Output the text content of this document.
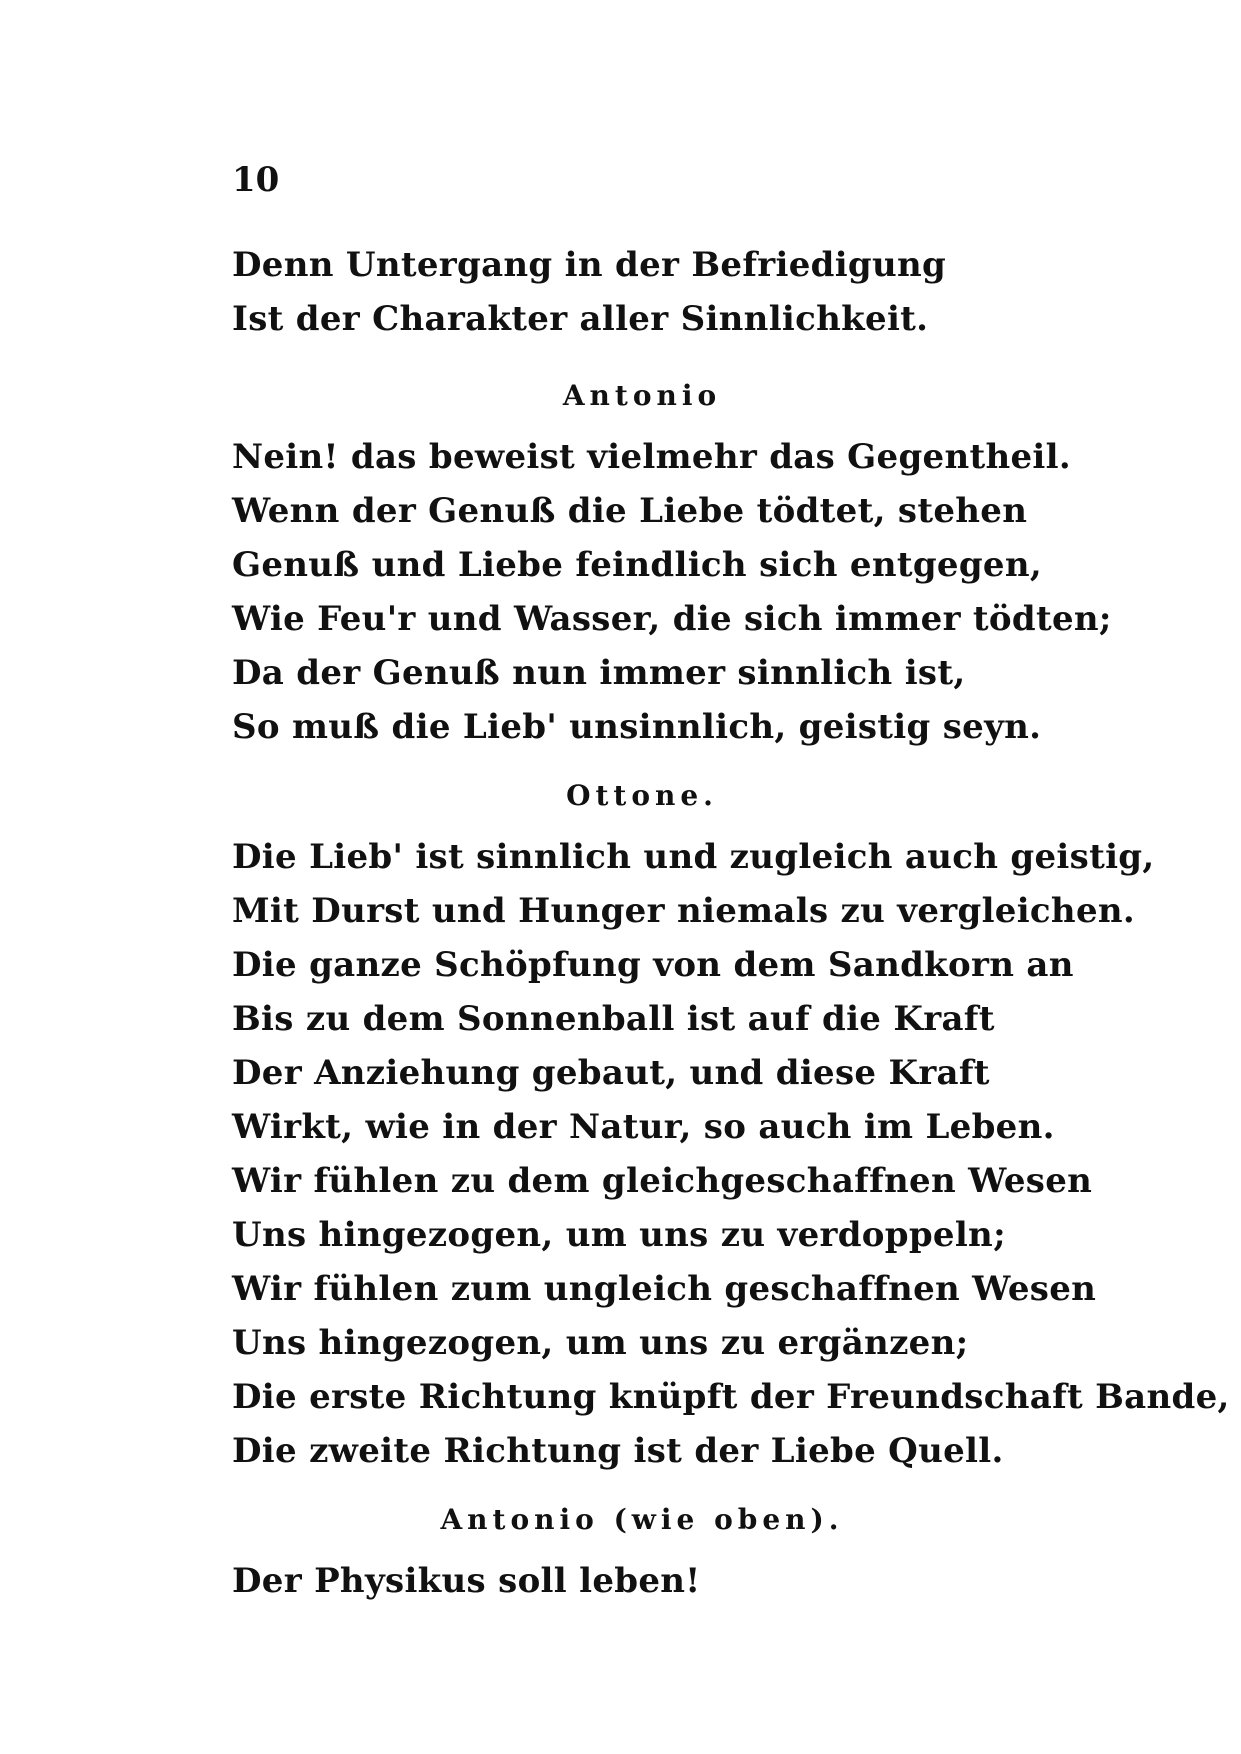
10
Denn Untergang in der Befriedigung
Ist der Charakter aller Sinnlichkeit.
Antonio
Nein! das beweist vielmehr das Gegentheil.
Wenn der Genuß die Liebe tödtet, stehen
Genuß und Liebe feindlich sich entgegen,
Wie Feu'r und Wasser, die sich immer tödten;
Da der Genuß nun immer sinnlich ist,
So muß die Lieb' unsinnlich, geistig seyn.
Ottone.
Die Lieb' ist sinnlich und zugleich auch geistig,
Mit Durst und Hunger niemals zu vergleichen.
Die ganze Schöpfung von dem Sandkorn an
Bis zu dem Sonnenball ist auf die Kraft
Der Anziehung gebaut, und diese Kraft
Wirkt, wie in der Natur, so auch im Leben.
Wir fühlen zu dem gleichgeschaffnen Wesen
Uns hingezogen, um uns zu verdoppeln;
Wir fühlen zum ungleich geschaffnen Wesen
Uns hingezogen, um uns zu ergänzen;
Die erste Richtung knüpft der Freundschaft Bande,
Die zweite Richtung ist der Liebe Quell.
Antonio (wie oben).
Der Physikus soll leben!
